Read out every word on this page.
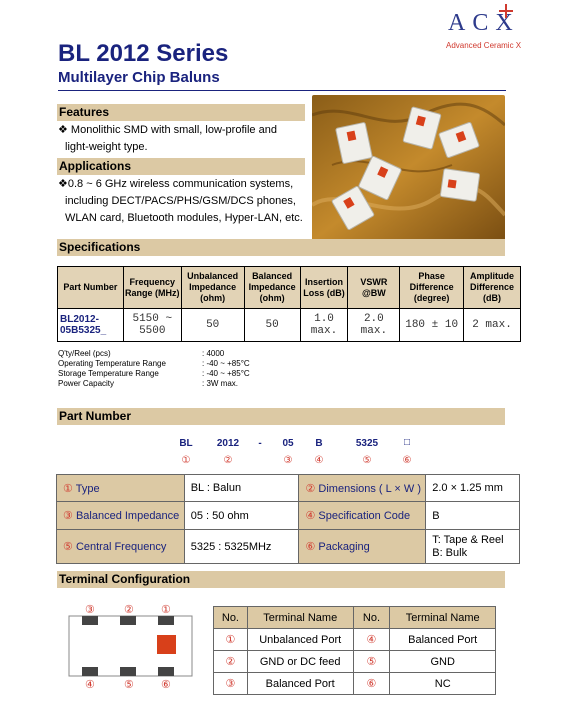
ACX
Advanced Ceramic X
BL 2012 Series
Multilayer Chip Baluns
Features
❖ Monolithic SMD with small, low-profile and
light-weight type.
Applications
❖0.8 ~ 6 GHz wireless communication systems,
including DECT/PACS/PHS/GSM/DCS phones,
WLAN card, Bluetooth modules, Hyper-LAN, etc.
Specifications
Part Number	Frequency Range (MHz)	Unbalanced Impedance (ohm)	Balanced Impedance (ohm)	Insertion Loss (dB)	VSWR @BW	Phase Difference (degree)	Amplitude Difference (dB)
BL2012-05B5325_	5150 ~ 5500	50	50	1.0 max.	2.0 max.	180 ± 10	2 max.
Q'ty/Reel (pcs)	: 4000
Operating Temperature Range	: -40 ~ +85°C
Storage Temperature Range	: -40 ~ +85°C
Power Capacity	: 3W max.
Part Number
BL	2012	-	05	B	5325	□
①	②	③	④	⑤	⑥
① Type	BL : Balun	② Dimensions ( L × W )	2.0 × 1.25 mm
③ Balanced Impedance	05 : 50 ohm	④ Specification Code	B
⑤ Central Frequency	5325 : 5325MHz	⑥ Packaging	T: Tape & Reel
B: Bulk
Terminal Configuration
③	② ①
④	⑤ ⑥
No.	Terminal Name	No.	Terminal Name
①	Unbalanced Port	④	Balanced Port
②	GND or DC feed	⑤	GND
③	Balanced Port	⑥	NC
